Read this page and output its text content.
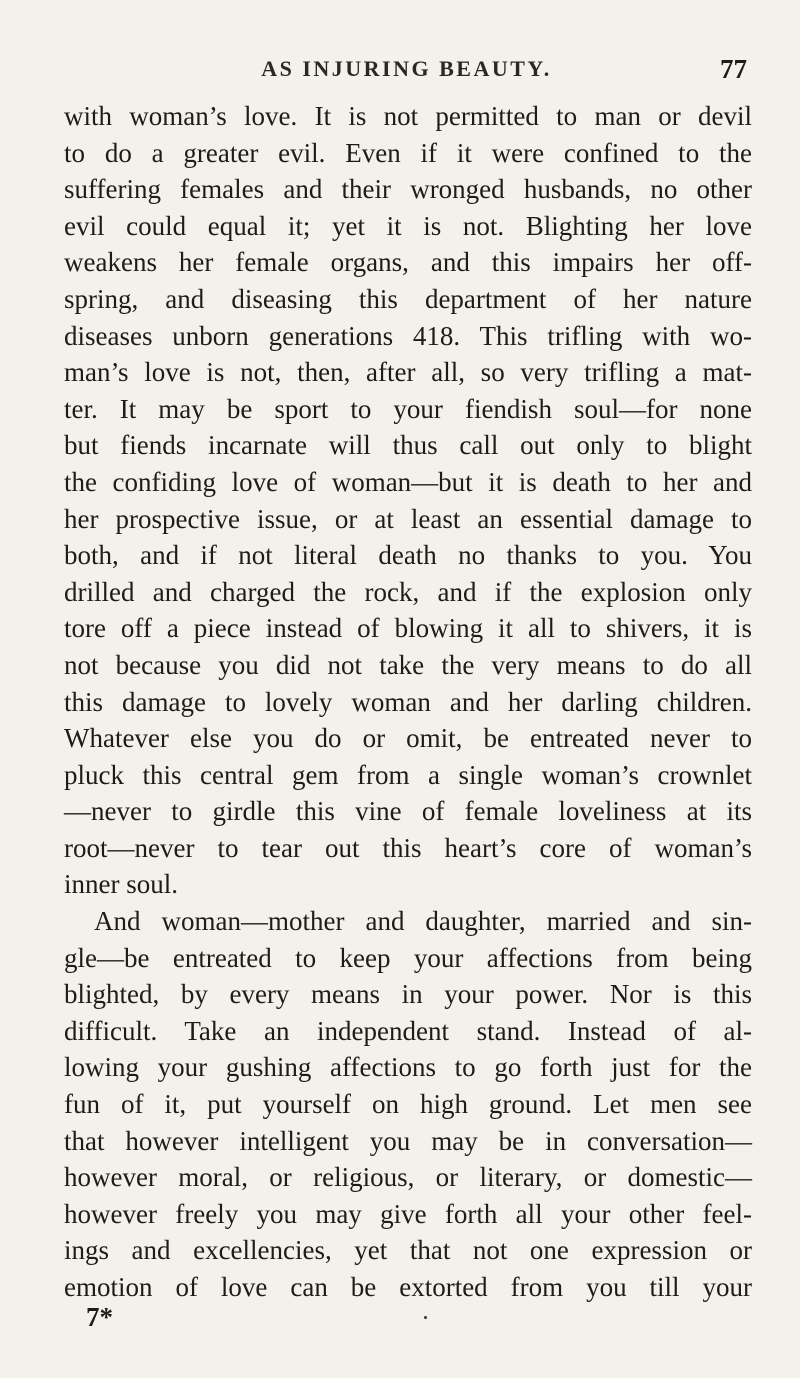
AS INJURING BEAUTY.	77
with woman’s love. It is not permitted to man or devil
to do a greater evil. Even if it were confined to the
suffering females and their wronged husbands, no other
evil could equal it; yet it is not. Blighting her love
weakens her female organs, and this impairs her off-
spring, and diseasing this department of her nature
diseases unborn generations 418. This trifling with wo-
man’s love is not, then, after all, so very trifling a mat-
ter. It may be sport to your fiendish soul—for none
but fiends incarnate will thus call out only to blight
the confiding love of woman—but it is death to her and
her prospective issue, or at least an essential damage to
both, and if not literal death no thanks to you. You
drilled and charged the rock, and if the explosion only
tore off a piece instead of blowing it all to shivers, it is
not because you did not take the very means to do all
this damage to lovely woman and her darling children.
Whatever else you do or omit, be entreated never to
pluck this central gem from a single woman’s crownlet
—never to girdle this vine of female loveliness at its
root—never to tear out this heart’s core of woman’s
inner soul.
And woman—mother and daughter, married and sin-
gle—be entreated to keep your affections from being
blighted, by every means in your power. Nor is this
difficult. Take an independent stand. Instead of al-
lowing your gushing affections to go forth just for the
fun of it, put yourself on high ground. Let men see
that however intelligent you may be in conversation—
however moral, or religious, or literary, or domestic—
however freely you may give forth all your other feel-
ings and excellencies, yet that not one expression or
emotion of love can be extorted from you till your
7*
